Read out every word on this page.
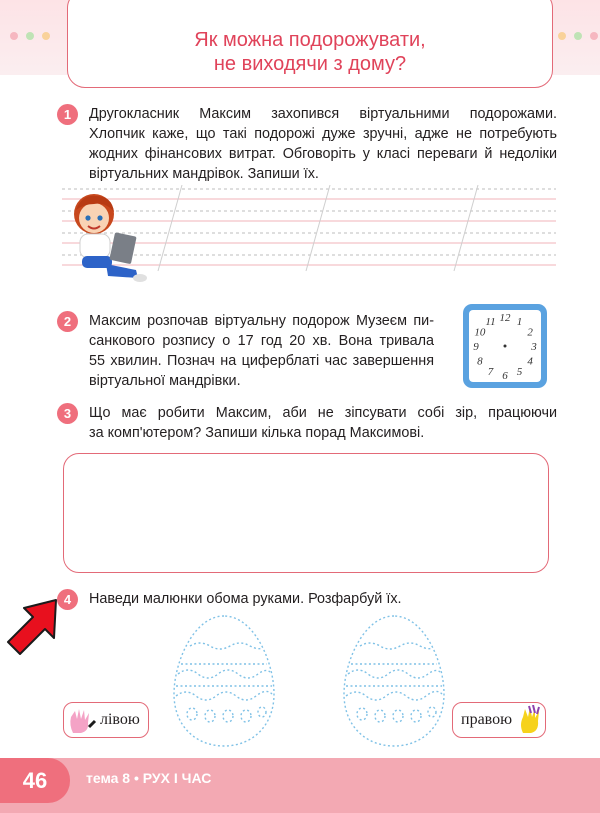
Як можна подорожувати,
не виходячи з дому?
1	Другокласник Максим захопився віртуальними подорожами.
Хлопчик каже, що такі подорожі дуже зручні, адже не потребують
жодних фінансових витрат. Обговоріть у класі переваги й недоліки
віртуальних мандрівок. Запиши їх.
2	Максим розпочав віртуальну подорож Музеєм пи-
санкового розпису о 17 год 20 хв. Вона тривала
55 хвилин. Познач на циферблаті час завершення
віртуальної мандрівки.
12 1
2
3
4
5
6
7
8
9
10
11
3	Що має робити Максим, аби не зіпсувати собі зір, працюючи
за комп'ютером? Запиши кілька порад Максимові.
4	Наведи малюнки обома руками. Розфарбуй їх.
лівою	правою
46	тема 8 • РУХ І ЧАС
